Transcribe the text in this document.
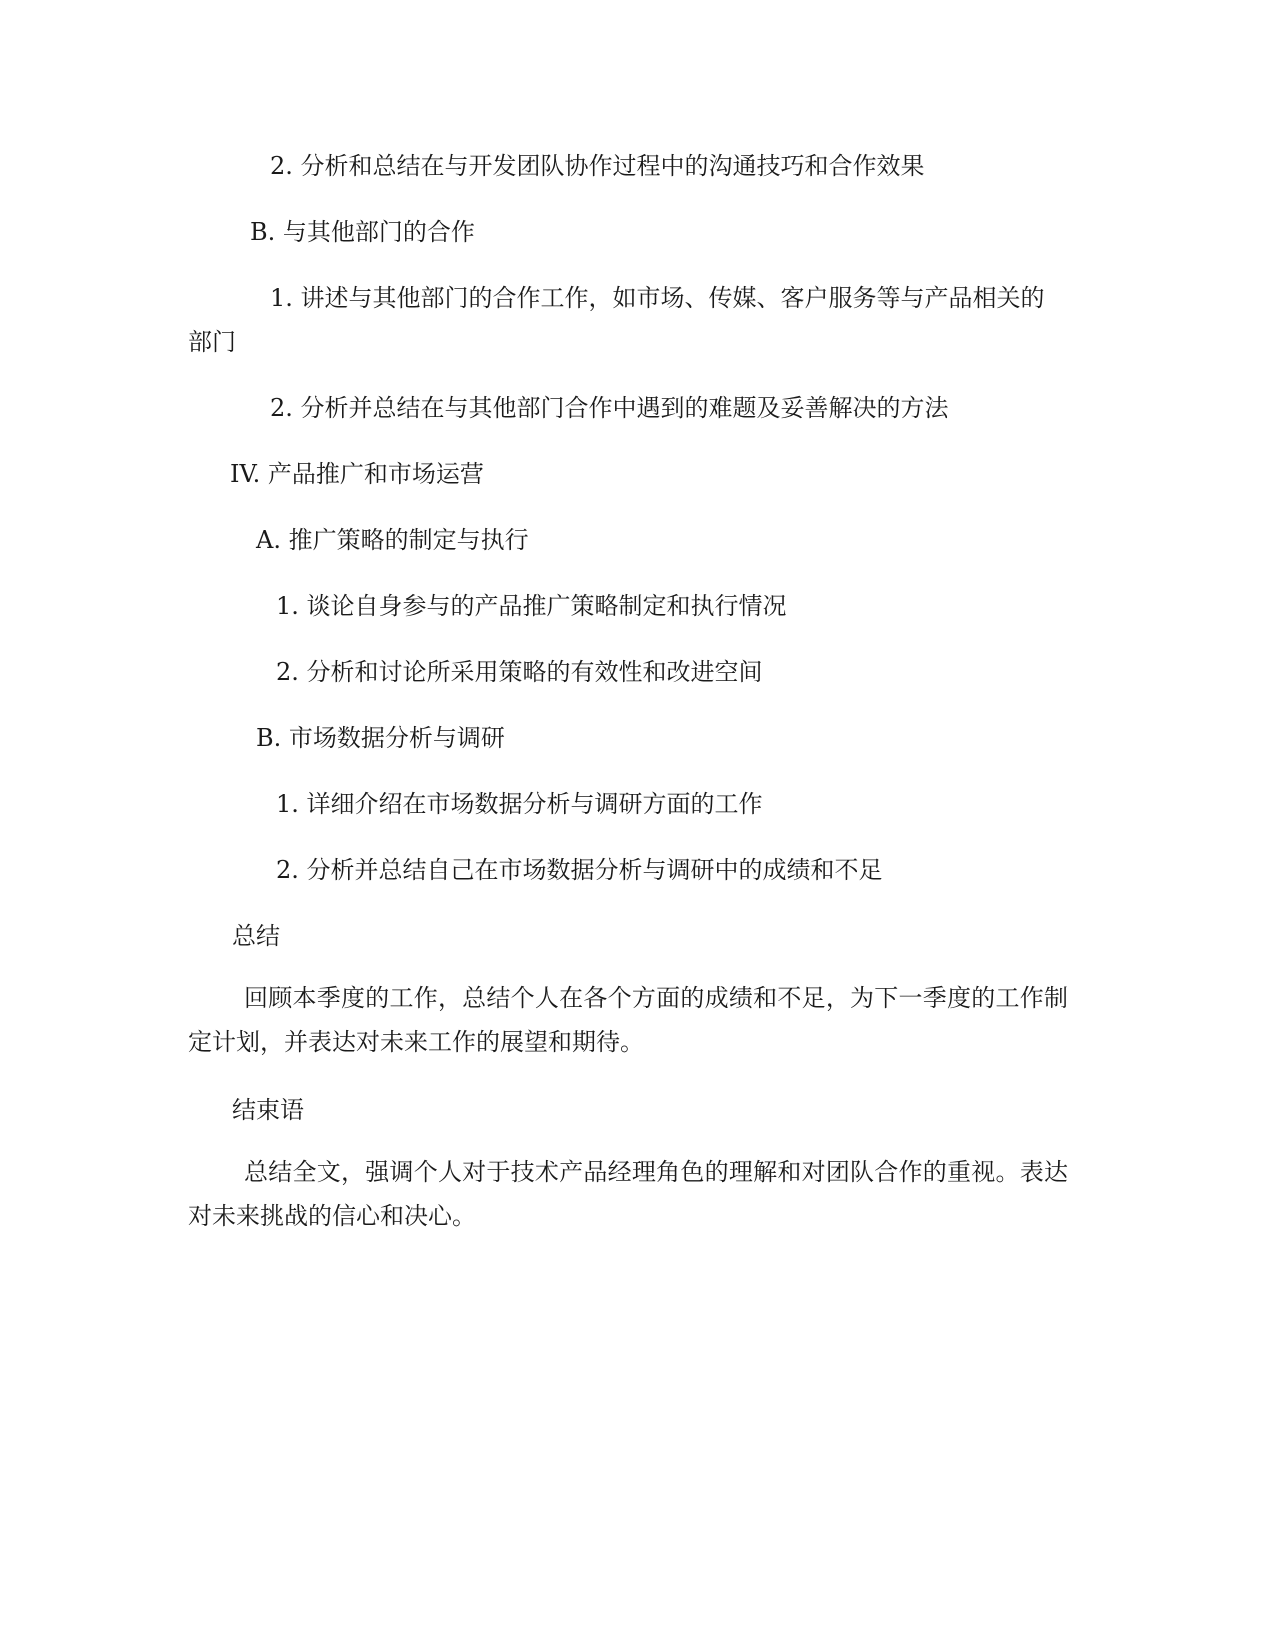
2. 分析和总结在与开发团队协作过程中的沟通技巧和合作效果
B. 与其他部门的合作
1. 讲述与其他部门的合作工作，如市场、传媒、客户服务等与产品相关的
部门
2. 分析并总结在与其他部门合作中遇到的难题及妥善解决的方法
IV. 产品推广和市场运营
A. 推广策略的制定与执行
1. 谈论自身参与的产品推广策略制定和执行情况
2. 分析和讨论所采用策略的有效性和改进空间
B. 市场数据分析与调研
1. 详细介绍在市场数据分析与调研方面的工作
2. 分析并总结自己在市场数据分析与调研中的成绩和不足
总结
回顾本季度的工作，总结个人在各个方面的成绩和不足，为下一季度的工作制定计划，并表达对未来工作的展望和期待。
结束语
总结全文，强调个人对于技术产品经理角色的理解和对团队合作的重视。表达对未来挑战的信心和决心。
